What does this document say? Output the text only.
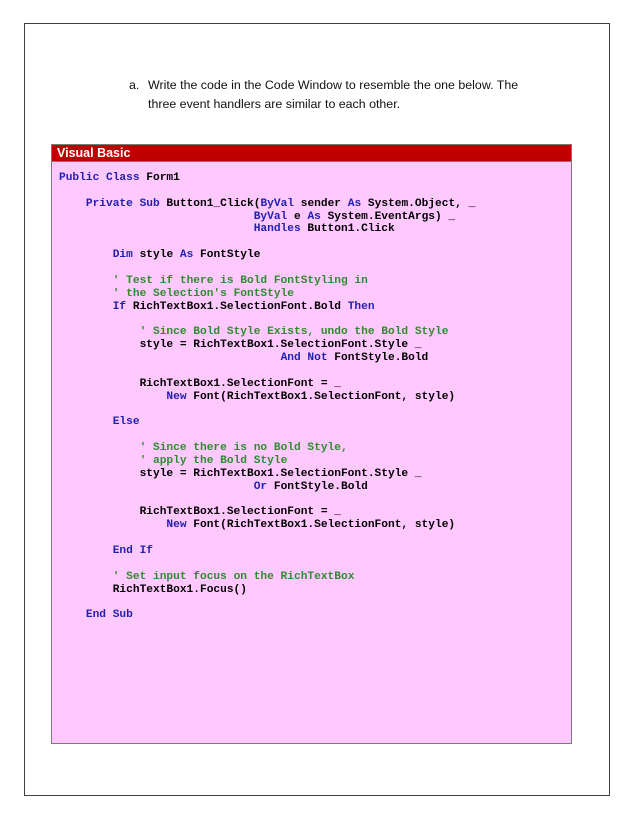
a. Write the code in the Code Window to resemble the one below. The three event handlers are similar to each other.
Visual Basic
Public Class Form1
Private Sub Button1_Click(ByVal sender As System.Object, _
ByVal e As System.EventArgs) _
Handles Button1.Click
Dim style As FontStyle
' Test if there is Bold FontStyling in
' the Selection's FontStyle
If RichTextBox1.SelectionFont.Bold Then
' Since Bold Style Exists, undo the Bold Style
style = RichTextBox1.SelectionFont.Style _
And Not FontStyle.Bold
RichTextBox1.SelectionFont = _
New Font(RichTextBox1.SelectionFont, style)
Else
' Since there is no Bold Style,
' apply the Bold Style
style = RichTextBox1.SelectionFont.Style _
Or FontStyle.Bold
RichTextBox1.SelectionFont = _
New Font(RichTextBox1.SelectionFont, style)
End If
' Set input focus on the RichTextBox
RichTextBox1.Focus()
End Sub
